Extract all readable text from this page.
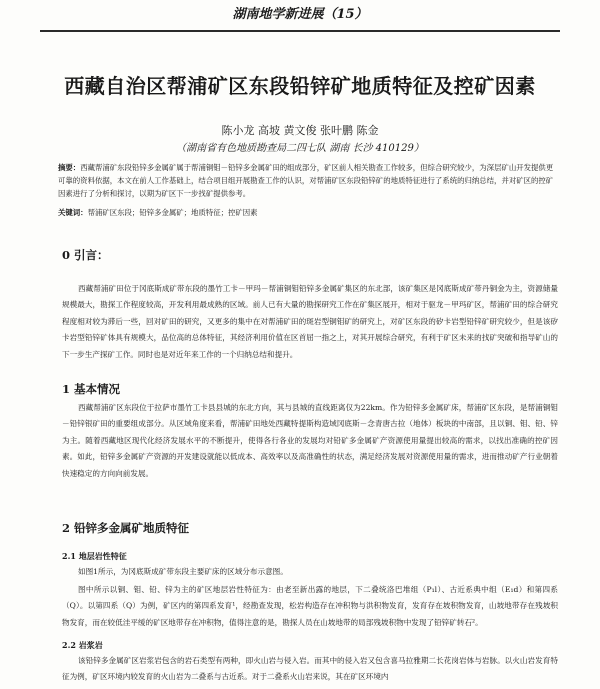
湖南地学新进展（15）
西藏自治区帮浦矿区东段铅锌矿地质特征及控矿因素
陈小龙 高坡 黄文俊 张叶鹏 陈金
（湖南省有色地质勘查局二四七队 湖南 长沙 410129）
摘要：西藏帮浦矿东段铅锌多金属矿属于帮浦铜钼－铅锌多金属矿田的组成部分，矿区前人相关勘查工作较多，但综合研究较少，为深层矿山开发提供更可靠的资料依据，本文在前人工作基础上，结合项目组开展勘查工作的认识，对帮浦矿区东段铅锌矿的地质特征进行了系统的归纳总结，并对矿区的控矿因素进行了分析和探讨，以期为矿区下一步找矿提供参考。
关键词：帮浦矿区东段；铅锌多金属矿；地质特征；控矿因素
0 引言：
西藏帮浦矿田位于冈底斯成矿带东段的墨竹工卡－甲玛－帮浦铜钼铅锌多金属矿集区的东北部，该矿集区是冈底斯成矿带丹铜金为主，资源储量规模最大，勘探工作程度较高，开发利用最成熟的区域。前人已有大量的勘探研究工作在矿集区展开，相对于驱龙－甲玛矿区，帮浦矿田的综合研究程度相对较为滞后一些，回对矿田的研究，又更多的集中在对帮浦矿田的斑岩型铜钼矿的研究上，对矿区东段的矽卡岩型铅锌矿研究较少，但是该矽卡岩型铅锌矿体具有规模大，品位高的总体特征，其经济利用价值在区首屈一指之上，对其开展综合研究，有利于矿区未来的找矿突破和指导矿山的下一步生产探矿工作。同时也是对近年来工作的一个归纳总结和提升。
1 基本情况
西藏帮浦矿区东段位于拉萨市墨竹工卡县县城的东北方向，其与县城的直线距离仅为22km。作为铅锌多金属矿床，帮浦矿区东段，是帮浦铜钼－铅锌银矿田的重要组成部分。从区域角度来看，帮浦矿田地处西藏特提斯构造域冈底斯－念青唐古拉（地体）板块的中南部，且以铜、钼、铅、锌为主。随着西藏地区现代化经济发展水平的不断提升，使得各行各业的发展均对铅矿多金属矿产资源使用量提出较高的需求，以找出准确的控矿因素。如此，铅锌多金属矿产资源的开发建设就能以低成本、高效率以及高准确性的状态，满足经济发展对资源使用量的需求，进而推动矿产行业朝着快速稳定的方向向前发展。
2 铅锌多金属矿地质特征
2.1 地层岩性特征
如图1所示，为冈底斯成矿带东段主要矿床的区域分布示意图。
图中所示以铜、钼、铅、锌为主的矿区地层岩性特征为：由老至新出露的地层，下二叠统洛巴堆组（P₁l）、古近系典中组（E₁d）和第四系（Q）。以第四系（Q）为例，矿区内的第四系发育¹，经勘查发现，松岩构造存在冲积物与洪积物发育，发育存在坡积物发育，山坡地带存在残坡积物发育，而在较低洼平缓的矿区地带存在冲积物，值得注意的是，勘探人员在山坡地带的局部残坡积物中发现了铅锌矿转石²。
2.2 岩浆岩
该铅锌多金属矿区岩浆岩包含的岩石类型有两种，即火山岩与侵入岩。而其中的侵入岩又包含喜马拉雅期二长花岗岩体与岩脉。以火山岩发育特征为例，矿区环境内较发育的火山岩为二叠系与古近系。对于二叠系火山岩来说，其在矿区环境内
